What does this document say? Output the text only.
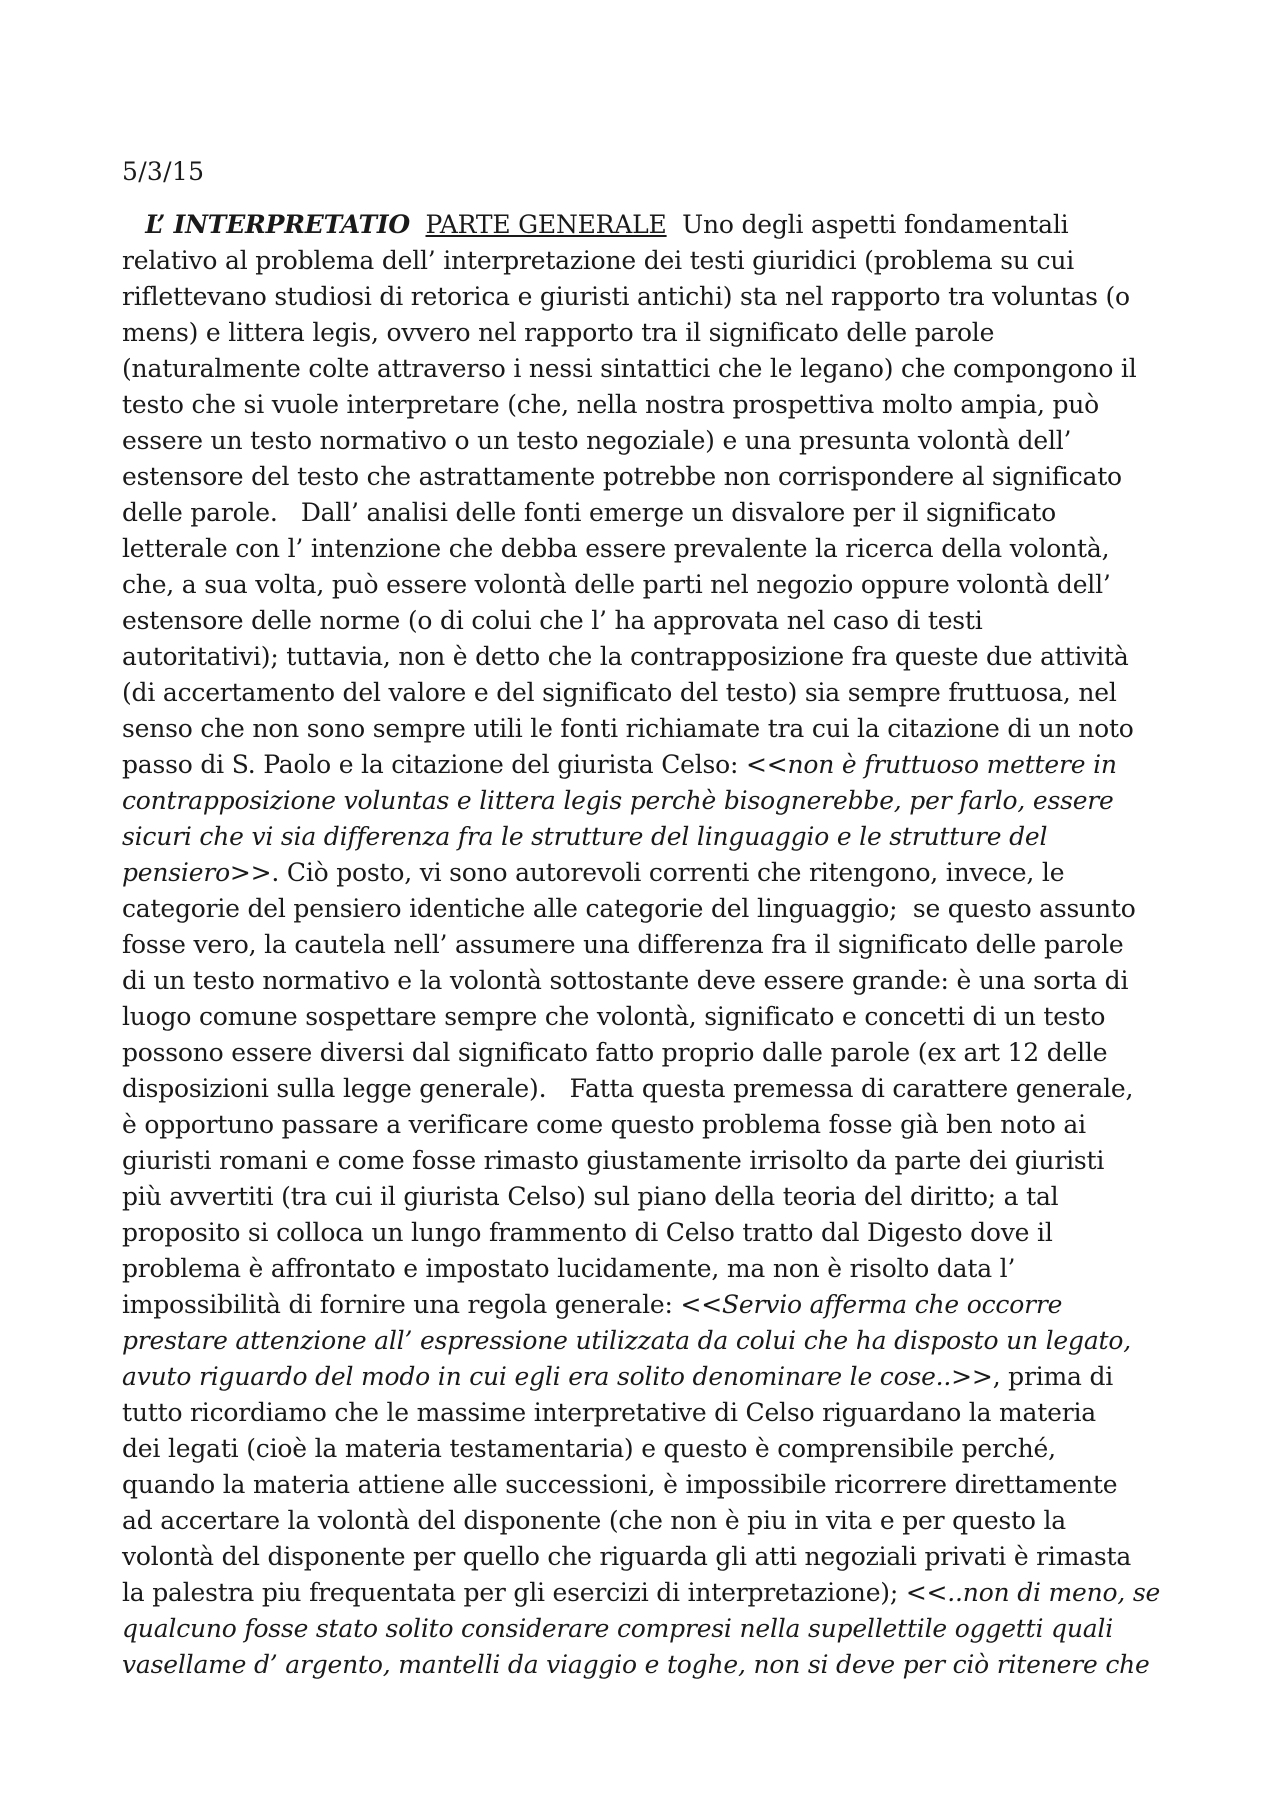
5/3/15
L’ INTERPRETATIO PARTE GENERALE  Uno degli aspetti fondamentali
relativo al problema dell’ interpretazione dei testi giuridici (problema su cui
riflettevano studiosi di retorica e giuristi antichi) sta nel rapporto tra voluntas (o
mens) e littera legis, ovvero nel rapporto tra il significato delle parole
(naturalmente colte attraverso i nessi sintattici che le legano) che compongono il
testo che si vuole interpretare (che, nella nostra prospettiva molto ampia, può
essere un testo normativo o un testo negoziale) e una presunta volontà dell’
estensore del testo che astrattamente potrebbe non corrispondere al significato
delle parole.   Dall’ analisi delle fonti emerge un disvalore per il significato
letterale con l’ intenzione che debba essere prevalente la ricerca della volontà,
che, a sua volta, può essere volontà delle parti nel negozio oppure volontà dell’
estensore delle norme (o di colui che l’ ha approvata nel caso di testi
autoritativi); tuttavia, non è detto che la contrapposizione fra queste due attività
(di accertamento del valore e del significato del testo) sia sempre fruttuosa, nel
senso che non sono sempre utili le fonti richiamate tra cui la citazione di un noto
passo di S. Paolo e la citazione del giurista Celso: <<non è fruttuoso mettere in
contrapposizione voluntas e littera legis perchè bisognerebbe, per farlo, essere
sicuri che vi sia differenza fra le strutture del linguaggio e le strutture del
pensiero>>. Ciò posto, vi sono autorevoli correnti che ritengono, invece, le
categorie del pensiero identiche alle categorie del linguaggio;  se questo assunto
fosse vero, la cautela nell’ assumere una differenza fra il significato delle parole
di un testo normativo e la volontà sottostante deve essere grande: è una sorta di
luogo comune sospettare sempre che volontà, significato e concetti di un testo
possono essere diversi dal significato fatto proprio dalle parole (ex art 12 delle
disposizioni sulla legge generale).   Fatta questa premessa di carattere generale,
è opportuno passare a verificare come questo problema fosse già ben noto ai
giuristi romani e come fosse rimasto giustamente irrisolto da parte dei giuristi
più avvertiti (tra cui il giurista Celso) sul piano della teoria del diritto; a tal
proposito si colloca un lungo frammento di Celso tratto dal Digesto dove il
problema è affrontato e impostato lucidamente, ma non è risolto data l’
impossibilità di fornire una regola generale: <<Servio afferma che occorre
prestare attenzione all’ espressione utilizzata da colui che ha disposto un legato,
avuto riguardo del modo in cui egli era solito denominare le cose..>>, prima di
tutto ricordiamo che le massime interpretative di Celso riguardano la materia
dei legati (cioè la materia testamentaria) e questo è comprensibile perché,
quando la materia attiene alle successioni, è impossibile ricorrere direttamente
ad accertare la volontà del disponente (che non è piu in vita e per questo la
volontà del disponente per quello che riguarda gli atti negoziali privati è rimasta
la palestra piu frequentata per gli esercizi di interpretazione); <<..non di meno, se
qualcuno fosse stato solito considerare compresi nella supellettile oggetti quali
vasellame d’ argento, mantelli da viaggio e toghe, non si deve per ciò ritenere che
